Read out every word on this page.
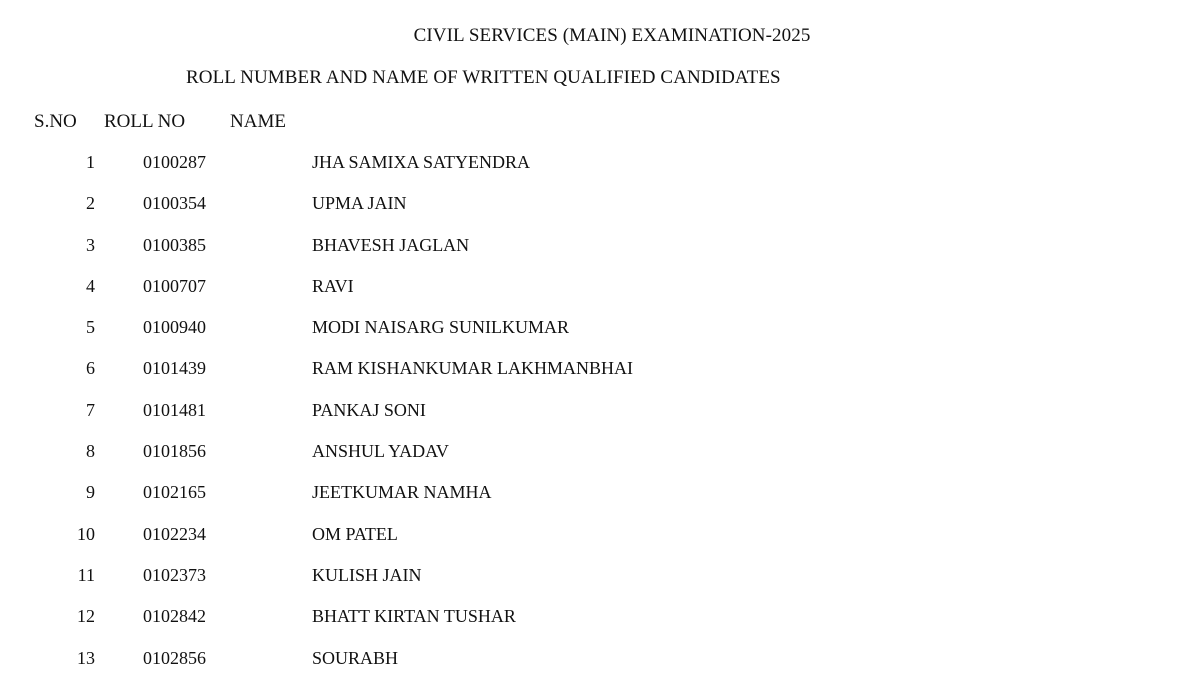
CIVIL SERVICES (MAIN) EXAMINATION-2025
ROLL NUMBER AND NAME OF WRITTEN QUALIFIED CANDIDATES
S.NO ROLL NO NAME
1	0100287	JHA SAMIXA SATYENDRA
2	0100354	UPMA JAIN
3	0100385	BHAVESH JAGLAN
4	0100707	RAVI
5	0100940	MODI NAISARG SUNILKUMAR
6	0101439	RAM KISHANKUMAR LAKHMANBHAI
7	0101481	PANKAJ SONI
8	0101856	ANSHUL YADAV
9	0102165	JEETKUMAR NAMHA
10	0102234	OM PATEL
11	0102373	KULISH JAIN
12	0102842	BHATT KIRTAN TUSHAR
13	0102856	SOURABH
